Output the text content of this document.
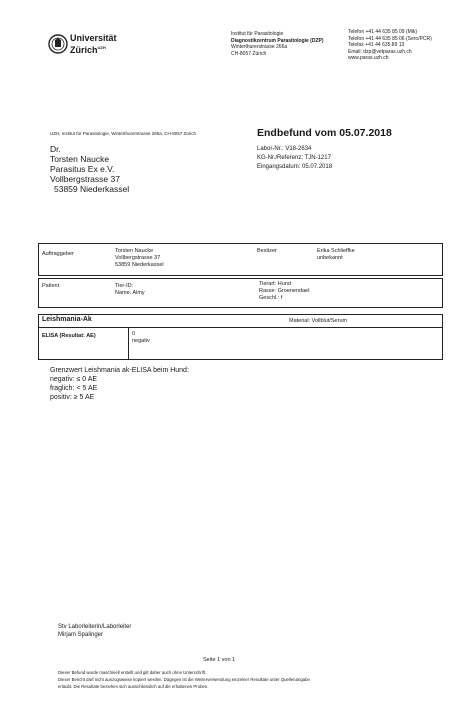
Universität
Zürich$^{UZH}$
Institut für Parasitologie
Diagnostikzentrum Parasitologie (DZP)
Winterthurerstrasse 266a
CH-8057 Zürich
Telefon +41 44 635 85 09 (Mik)
Telefon +41 44 635 85 06 (Sero/PCR)
Telefax +41 44 635 89 13
Email: dzp@vetparas.uzh.ch
www.paras.uzh.ch
UZH, Institut für Parasitologie, Winterthurerstrasse 266a, CH-8057 Zürich
Dr.
Torsten Naucke
Parasitus Ex e.V.
Vollbergstrasse 37
53859 Niederkassel
Endbefund vom 05.07.2018
Labor-Nr.: V18-2634
KG-Nr./Referenz: TJN-1217
Eingangsdatum: 05.07.2018
Auftraggeber	Torsten Naucke
Vollbergstrasse 37
53859 Niederkassel
Besitzer	Erika Schlieffke
unbekannt
Patient	Tier-ID:
Name: Aimy
Tierart: Hund
Rasse: Groenendael
Geschl.: f
Leishmania-Ak	Material: Vollblut/Serum
ELISA (Resultat: AE)	0
negativ
Grenzwert Leishmania ak-ELISA beim Hund:
negativ: ≤ 0 AE
fraglich: < 5 AE
positiv: ≥ 5 AE
Stv Laborleiterin/Laborleiter
Mirjam Spalinger
Seite 1 von 1
Dieser Befund wurde maschinell erstellt und gilt daher auch ohne Unterschrift.
Dieser Bericht darf nicht auszugsweise kopiert werden. Dagegen ist die Weiterverwendung einzelner Resultate unter Quellenangabe
erlaubt. Die Resultate beziehen sich ausschliesslich auf die erhaltenen Proben.
